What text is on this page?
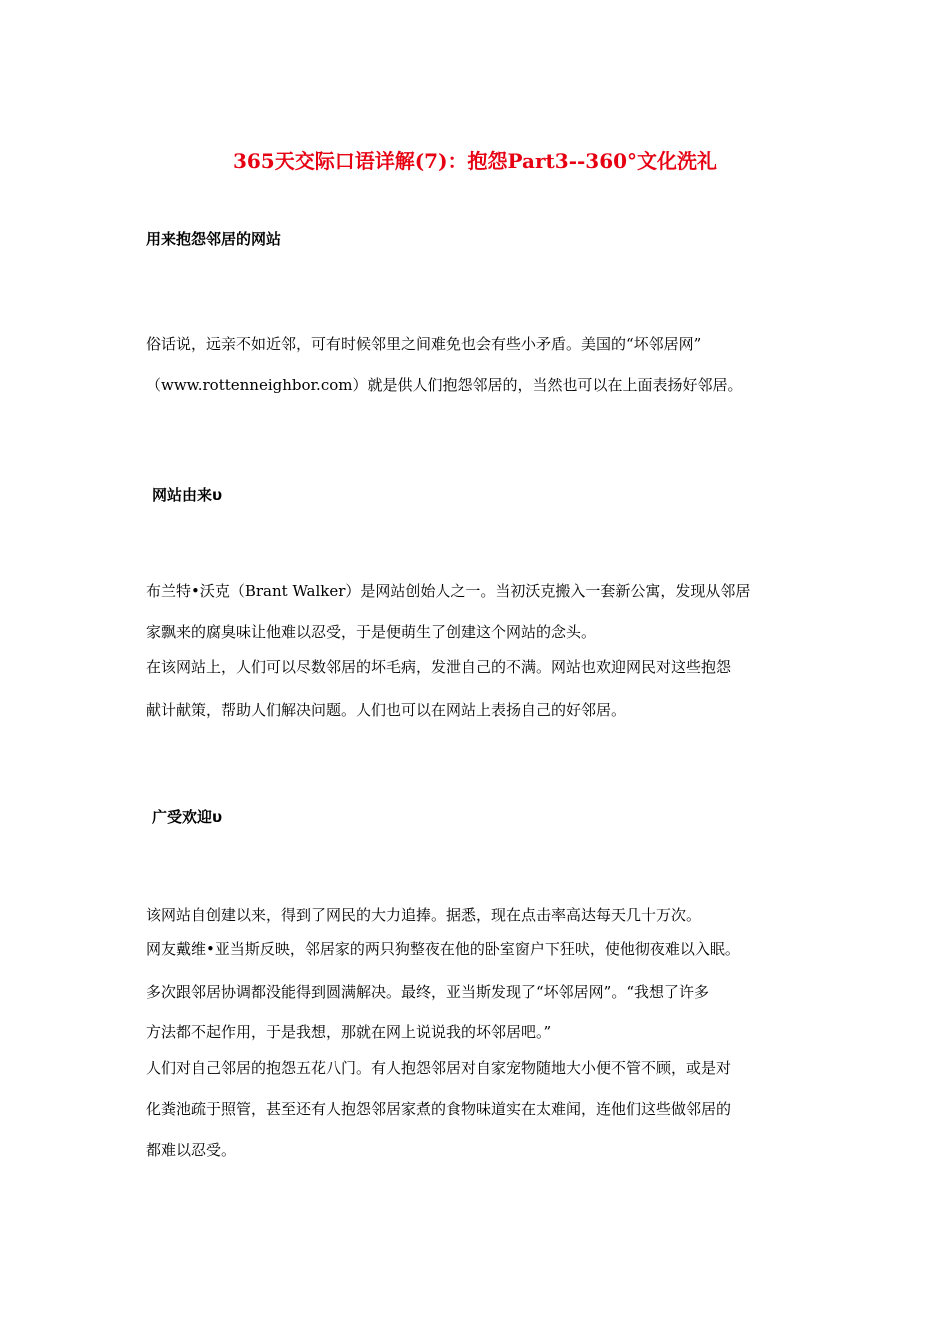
365天交际口语详解(7)：抱怨Part3--360°文化洗礼
用来抱怨邻居的网站
俗话说，远亲不如近邻，可有时候邻里之间难免也会有些小矛盾。美国的“坏邻居网”
（www.rottenneighbor.com）就是供人们抱怨邻居的，当然也可以在上面表扬好邻居。
网站由来υ
布兰特•沃克（Brant Walker）是网站创始人之一。当初沃克搬入一套新公寓，发现从邻居
家飘来的腐臭味让他难以忍受，于是便萌生了创建这个网站的念头。
在该网站上，人们可以尽数邻居的坏毛病，发泄自己的不满。网站也欢迎网民对这些抱怨
献计献策，帮助人们解决问题。人们也可以在网站上表扬自己的好邻居。
广受欢迎υ
该网站自创建以来，得到了网民的大力追捧。据悉，现在点击率高达每天几十万次。
网友戴维•亚当斯反映，邻居家的两只狗整夜在他的卧室窗户下狂吠，使他彻夜难以入眠。
多次跟邻居协调都没能得到圆满解决。最终，亚当斯发现了“坏邻居网”。“我想了许多
方法都不起作用，于是我想，那就在网上说说我的坏邻居吧。”
人们对自己邻居的抱怨五花八门。有人抱怨邻居对自家宠物随地大小便不管不顾，或是对
化粪池疏于照管，甚至还有人抱怨邻居家煮的食物味道实在太难闻，连他们这些做邻居的
都难以忍受。
